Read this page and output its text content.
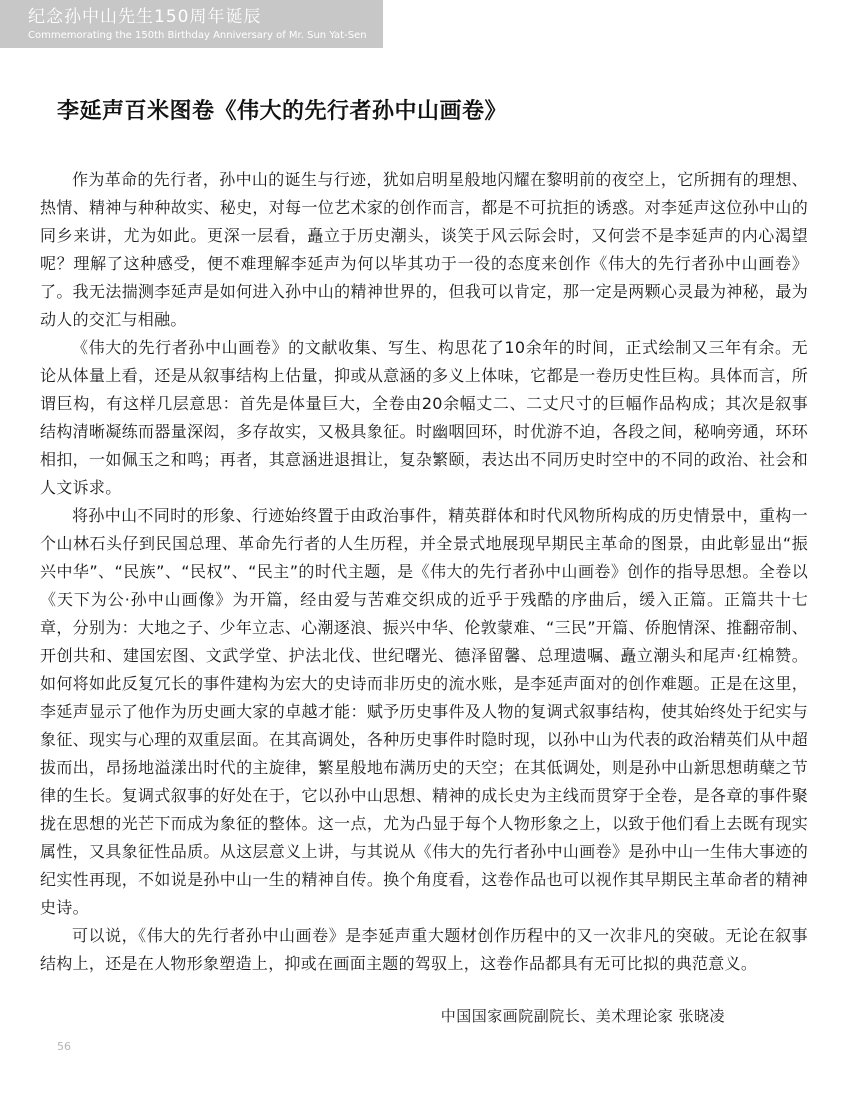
纪念孙中山先生150周年诞辰
Commemorating the 150th Birthday Anniversary of Mr. Sun Yat-Sen
李延声百米图卷《伟大的先行者孙中山画卷》

作为革命的先行者，孙中山的诞生与行迹，犹如启明星般地闪耀在黎明前的夜空上，它所拥有的理想、热情、精神与种种故实、秘史，对每一位艺术家的创作而言，都是不可抗拒的诱惑。对李延声这位孙中山的同乡来讲，尤为如此。更深一层看，矗立于历史潮头，谈笑于风云际会时，又何尝不是李延声的内心渴望呢？理解了这种感受，便不难理解李延声为何以毕其功于一役的态度来创作《伟大的先行者孙中山画卷》了。我无法揣测李延声是如何进入孙中山的精神世界的，但我可以肯定，那一定是两颗心灵最为神秘，最为动人的交汇与相融。

《伟大的先行者孙中山画卷》的文献收集、写生、构思花了10余年的时间，正式绘制又三年有余。无论从体量上看，还是从叙事结构上估量，抑或从意涵的多义上体味，它都是一卷历史性巨构。具体而言，所谓巨构，有这样几层意思：首先是体量巨大，全卷由20余幅丈二、二丈尺寸的巨幅作品构成；其次是叙事结构清晰凝练而器量深闳，多存故实，又极具象征。时幽咽回环，时优游不迫，各段之间，秘响旁通，环环相扣，一如佩玉之和鸣；再者，其意涵进退揖让，复杂繁颐，表达出不同历史时空中的不同的政治、社会和人文诉求。

将孙中山不同时的形象、行迹始终置于由政治事件，精英群体和时代风物所构成的历史情景中，重构一个山林石头仔到民国总理、革命先行者的人生历程，并全景式地展现早期民主革命的图景，由此彰显出“振兴中华”、“民族”、“民权”、“民主”的时代主题，是《伟大的先行者孙中山画卷》创作的指导思想。全卷以《天下为公·孙中山画像》为开篇，经由爱与苦难交织成的近乎于残酷的序曲后，缓入正篇。正篇共十七章，分别为：大地之子、少年立志、心潮逐浪、振兴中华、伦敦蒙难、“三民”开篇、侨胞情深、推翻帝制、开创共和、建国宏图、文武学堂、护法北伐、世纪曙光、德泽留馨、总理遗嘱、矗立潮头和尾声·红棉赞。如何将如此反复冗长的事件建构为宏大的史诗而非历史的流水账，是李延声面对的创作难题。正是在这里，李延声显示了他作为历史画大家的卓越才能：赋予历史事件及人物的复调式叙事结构，使其始终处于纪实与象征、现实与心理的双重层面。在其高调处，各种历史事件时隐时现，以孙中山为代表的政治精英们从中超拔而出，昂扬地溢漾出时代的主旋律，繁星般地布满历史的天空；在其低调处，则是孙中山新思想萌蘖之节律的生长。复调式叙事的好处在于，它以孙中山思想、精神的成长史为主线而贯穿于全卷，是各章的事件聚拢在思想的光芒下而成为象征的整体。这一点，尤为凸显于每个人物形象之上，以致于他们看上去既有现实属性，又具象征性品质。从这层意义上讲，与其说从《伟大的先行者孙中山画卷》是孙中山一生伟大事迹的纪实性再现，不如说是孙中山一生的精神自传。换个角度看，这卷作品也可以视作其早期民主革命者的精神史诗。

可以说，《伟大的先行者孙中山画卷》是李延声重大题材创作历程中的又一次非凡的突破。无论在叙事结构上，还是在人物形象塑造上，抑或在画面主题的驾驭上，这卷作品都具有无可比拟的典范意义。

中国国家画院副院长、美术理论家 张晓凌
56
